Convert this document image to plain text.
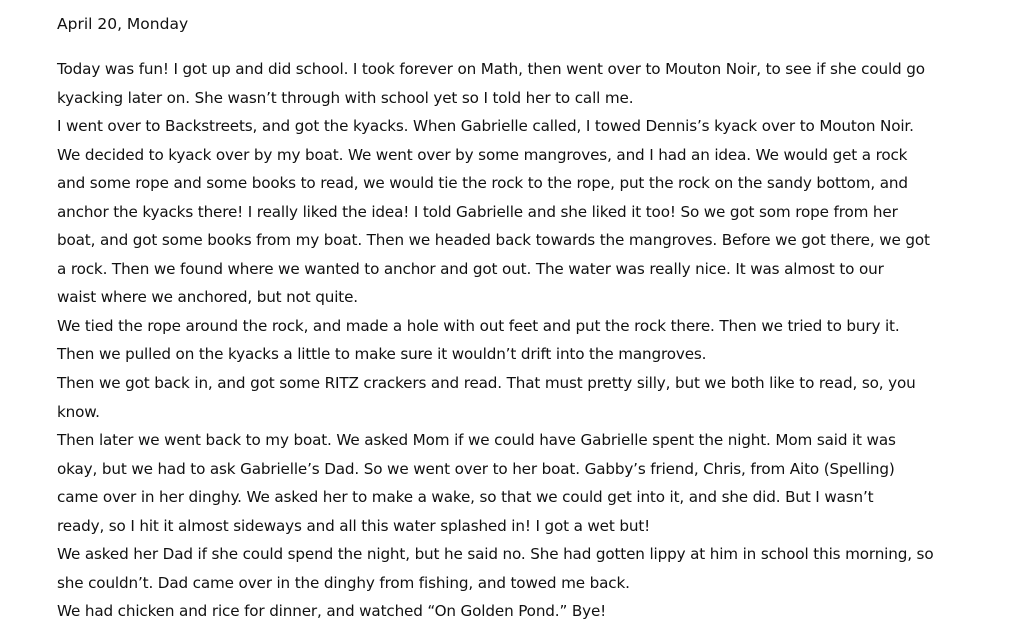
April 20, Monday
Today was fun! I got up and did school. I took forever on Math, then went over to Mouton Noir, to see if she could go
kyacking later on. She wasn’t through with school yet so I told her to call me.
I went over to Backstreets, and got the kyacks. When Gabrielle called, I towed Dennis’s kyack over to Mouton Noir.
We decided to kyack over by my boat. We went over by some mangroves, and I had an idea. We would get a rock
and some rope and some books to read, we would tie the rock to the rope, put the rock on the sandy bottom, and
anchor the kyacks there! I really liked the idea! I told Gabrielle and she liked it too! So we got som rope from her
boat, and got some books from my boat. Then we headed back towards the mangroves. Before we got there, we got
a rock. Then we found where we wanted to anchor and got out. The water was really nice. It was almost to our
waist where we anchored, but not quite.
We tied the rope around the rock, and made a hole with out feet and put the rock there. Then we tried to bury it.
Then we pulled on the kyacks a little to make sure it wouldn’t drift into the mangroves.
Then we got back in, and got some RITZ crackers and read. That must pretty silly, but we both like to read, so, you
know.
Then later we went back to my boat. We asked Mom if we could have Gabrielle spent the night. Mom said it was
okay, but we had to ask Gabrielle’s Dad. So we went over to her boat. Gabby’s friend, Chris, from Aito (Spelling)
came over in her dinghy. We asked her to make a wake, so that we could get into it, and she did. But I wasn’t
ready, so I hit it almost sideways and all this water splashed in! I got a wet but!
We asked her Dad if she could spend the night, but he said no. She had gotten lippy at him in school this morning, so
she couldn’t. Dad came over in the dinghy from fishing, and towed me back.
We had chicken and rice for dinner, and watched “On Golden Pond.” Bye!
